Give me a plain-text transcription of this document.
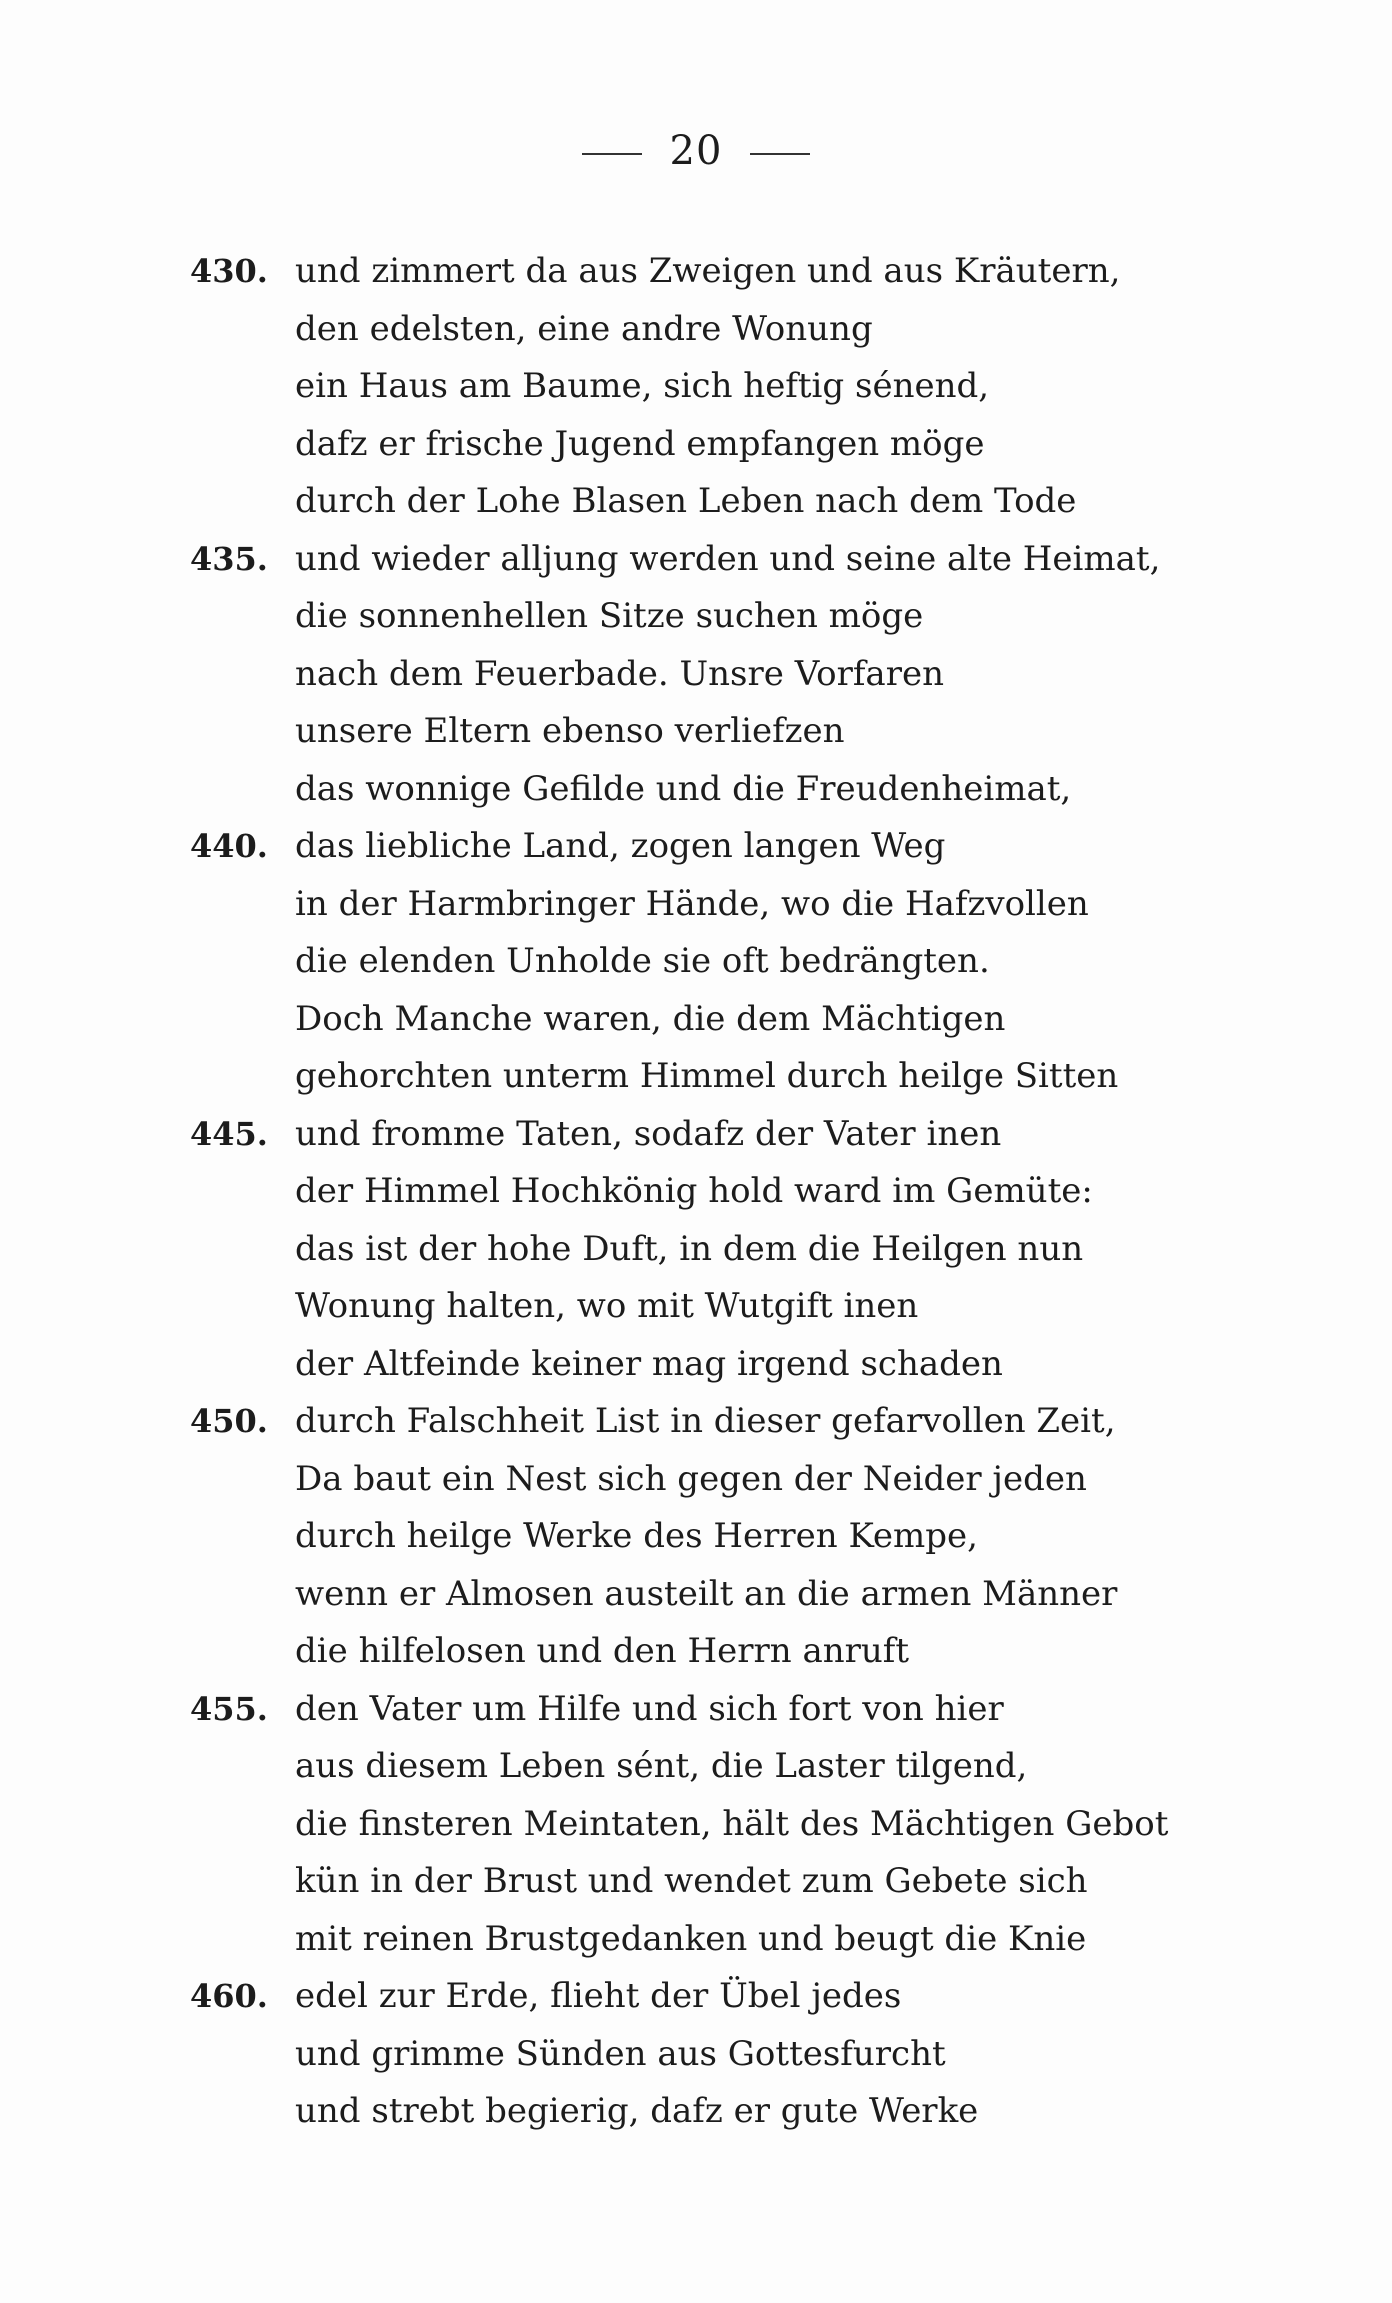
20
430. und zimmert da aus Zweigen und aus Kräutern,
den edelsten, eine andre Wonung
ein Haus am Baume, sich heftig sénend,
dafz er frische Jugend empfangen möge
durch der Lohe Blasen Leben nach dem Tode
435. und wieder alljung werden und seine alte Heimat,
die sonnenhellen Sitze suchen möge
nach dem Feuerbade. Unsre Vorfaren
unsere Eltern ebenso verliefzen
das wonnige Gefilde und die Freudenheimat,
440. das liebliche Land, zogen langen Weg
in der Harmbringer Hände, wo die Hafzvollen
die elenden Unholde sie oft bedrängten.
Doch Manche waren, die dem Mächtigen
gehorchten unterm Himmel durch heilge Sitten
445. und fromme Taten, sodafz der Vater inen
der Himmel Hochkönig hold ward im Gemüte:
das ist der hohe Duft, in dem die Heilgen nun
Wonung halten, wo mit Wutgift inen
der Altfeinde keiner mag irgend schaden
450. durch Falschheit List in dieser gefarvollen Zeit,
Da baut ein Nest sich gegen der Neider jeden
durch heilge Werke des Herren Kempe,
wenn er Almosen austeilt an die armen Männer
die hilfelosen und den Herrn anruft
455. den Vater um Hilfe und sich fort von hier
aus diesem Leben sént, die Laster tilgend,
die finsteren Meintaten, hält des Mächtigen Gebot
kün in der Brust und wendet zum Gebete sich
mit reinen Brustgedanken und beugt die Knie
460. edel zur Erde, flieht der Übel jedes
und grimme Sünden aus Gottesfurcht
und strebt begierig, dafz er gute Werke
